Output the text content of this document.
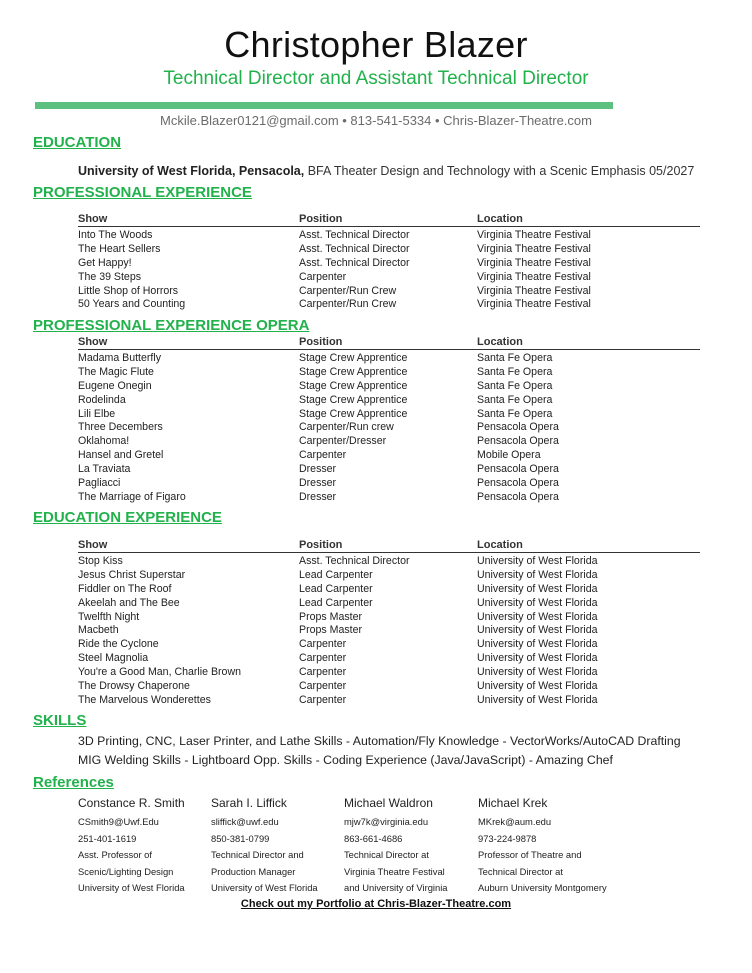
Christopher Blazer
Technical Director and Assistant Technical Director
Mckile.Blazer0121@gmail.com • 813-541-5334 • Chris-Blazer-Theatre.com
EDUCATION
University of West Florida, Pensacola, BFA Theater Design and Technology with a Scenic Emphasis 05/2027
PROFESSIONAL EXPERIENCE
Show	Position	Location
Into The Woods	Asst. Technical Director	Virginia Theatre Festival
The Heart Sellers	Asst. Technical Director	Virginia Theatre Festival
Get Happy!	Asst. Technical Director	Virginia Theatre Festival
The 39 Steps	Carpenter	Virginia Theatre Festival
Little Shop of Horrors	Carpenter/Run Crew	Virginia Theatre Festival
50 Years and Counting	Carpenter/Run Crew	Virginia Theatre Festival
PROFESSIONAL EXPERIENCE OPERA
Show	Position	Location
Madama Butterfly	Stage Crew Apprentice	Santa Fe Opera
The Magic Flute	Stage Crew Apprentice	Santa Fe Opera
Eugene Onegin	Stage Crew Apprentice	Santa Fe Opera
Rodelinda	Stage Crew Apprentice	Santa Fe Opera
Lili Elbe	Stage Crew Apprentice	Santa Fe Opera
Three Decembers	Carpenter/Run crew	Pensacola Opera
Oklahoma!	Carpenter/Dresser	Pensacola Opera
Hansel and Gretel	Carpenter	Mobile Opera
La Traviata	Dresser	Pensacola Opera
Pagliacci	Dresser	Pensacola Opera
The Marriage of Figaro	Dresser	Pensacola Opera
EDUCATION EXPERIENCE
Show	Position	Location
Stop Kiss	Asst. Technical Director	University of West Florida
Jesus Christ Superstar	Lead Carpenter	University of West Florida
Fiddler on The Roof	Lead Carpenter	University of West Florida
Akeelah and The Bee	Lead Carpenter	University of West Florida
Twelfth Night	Props Master	University of West Florida
Macbeth	Props Master	University of West Florida
Ride the Cyclone	Carpenter	University of West Florida
Steel Magnolia	Carpenter	University of West Florida
You're a Good Man, Charlie Brown	Carpenter	University of West Florida
The Drowsy Chaperone	Carpenter	University of West Florida
The Marvelous Wonderettes	Carpenter	University of West Florida
SKILLS
3D Printing, CNC, Laser Printer, and Lathe Skills - Automation/Fly Knowledge - VectorWorks/AutoCAD Drafting
MIG Welding Skills - Lightboard Opp. Skills - Coding Experience (Java/JavaScript) - Amazing Chef
References
Constance R. Smith
CSmith9@Uwf.Edu
251-401-1619
Asst. Professor of
Scenic/Lighting Design
University of West Florida
Sarah I. Liffick
sliffick@uwf.edu
850-381-0799
Technical Director and
Production Manager
University of West Florida
Michael Waldron
mjw7k@virginia.edu
863-661-4686
Technical Director at
Virginia Theatre Festival
and University of Virginia
Michael Krek
MKrek@aum.edu
973-224-9878
Professor of Theatre and
Technical Director at
Auburn University Montgomery
Check out my Portfolio at Chris-Blazer-Theatre.com
